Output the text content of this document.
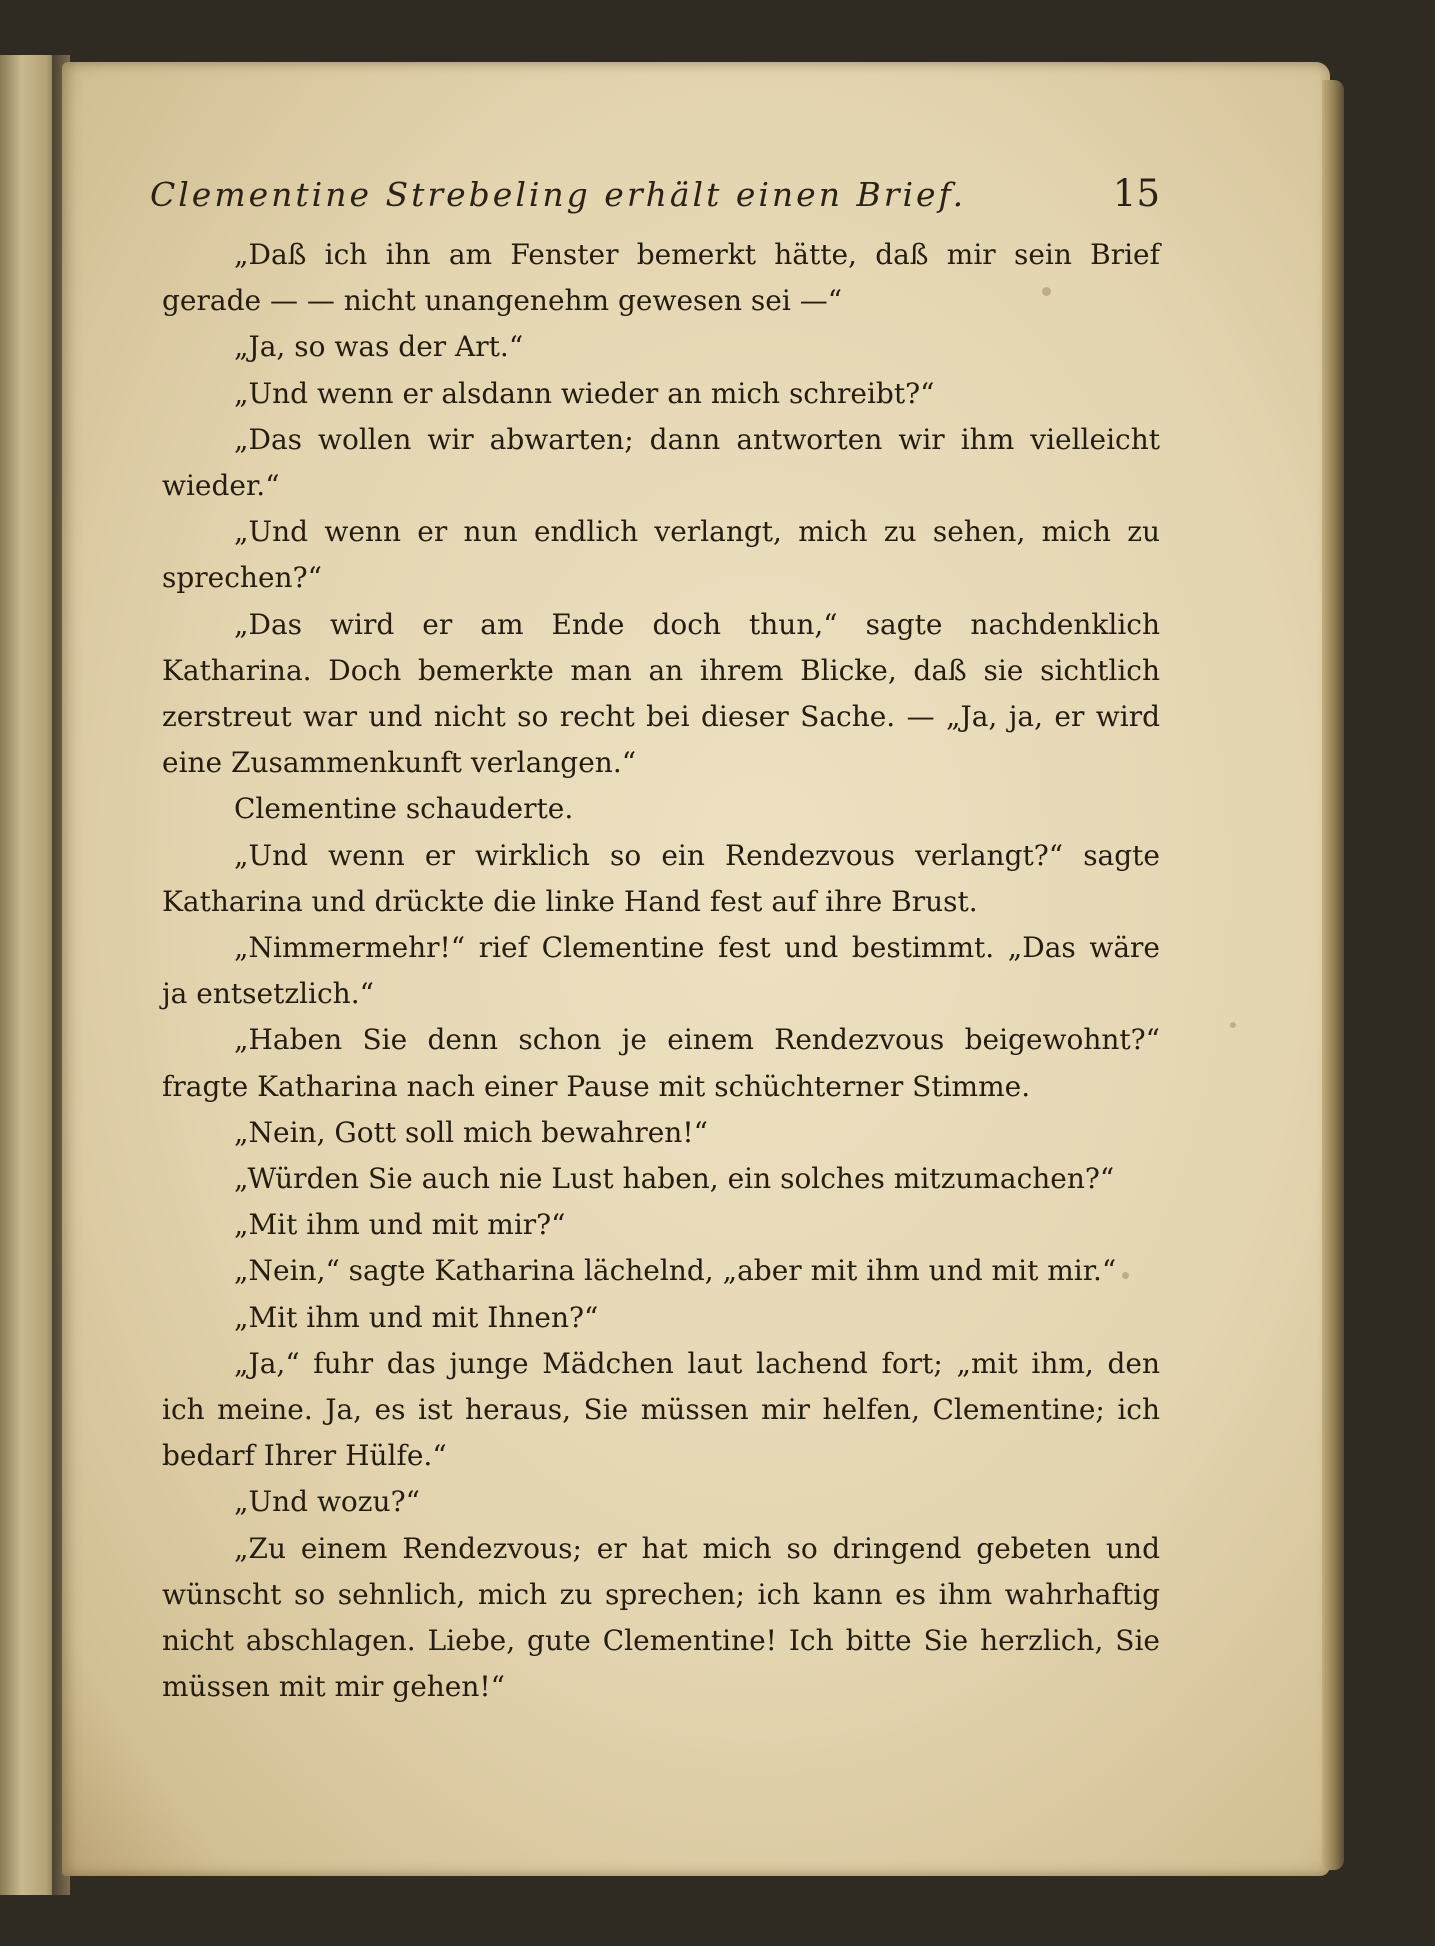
Clementine Strebeling erhält einen Brief.	15

„Daß ich ihn am Fenster bemerkt hätte, daß mir sein Brief gerade — — nicht unangenehm gewesen sei —“

„Ja, so was der Art.“

„Und wenn er alsdann wieder an mich schreibt?“

„Das wollen wir abwarten; dann antworten wir ihm vielleicht wieder.“

„Und wenn er nun endlich verlangt, mich zu sehen, mich zu sprechen?“

„Das wird er am Ende doch thun,“ sagte nachdenklich Katharina. Doch bemerkte man an ihrem Blicke, daß sie sichtlich zerstreut war und nicht so recht bei dieser Sache. — „Ja, ja, er wird eine Zusammenkunft verlangen.“

Clementine schauderte.

„Und wenn er wirklich so ein Rendezvous verlangt?“ sagte Katharina und drückte die linke Hand fest auf ihre Brust.

„Nimmermehr!“ rief Clementine fest und bestimmt. „Das wäre ja entsetzlich.“

„Haben Sie denn schon je einem Rendezvous beigewohnt?“ fragte Katharina nach einer Pause mit schüchterner Stimme.

„Nein, Gott soll mich bewahren!“

„Würden Sie auch nie Lust haben, ein solches mitzumachen?“

„Mit ihm und mit mir?“

„Nein,“ sagte Katharina lächelnd, „aber mit ihm und mit mir.“

„Mit ihm und mit Ihnen?“

„Ja,“ fuhr das junge Mädchen laut lachend fort; „mit ihm, den ich meine. Ja, es ist heraus, Sie müssen mir helfen, Clementine; ich bedarf Ihrer Hülfe.“

„Und wozu?“

„Zu einem Rendezvous; er hat mich so dringend gebeten und wünscht so sehnlich, mich zu sprechen; ich kann es ihm wahrhaftig nicht abschlagen. Liebe, gute Clementine! Ich bitte Sie herzlich, Sie müssen mit mir gehen!“
